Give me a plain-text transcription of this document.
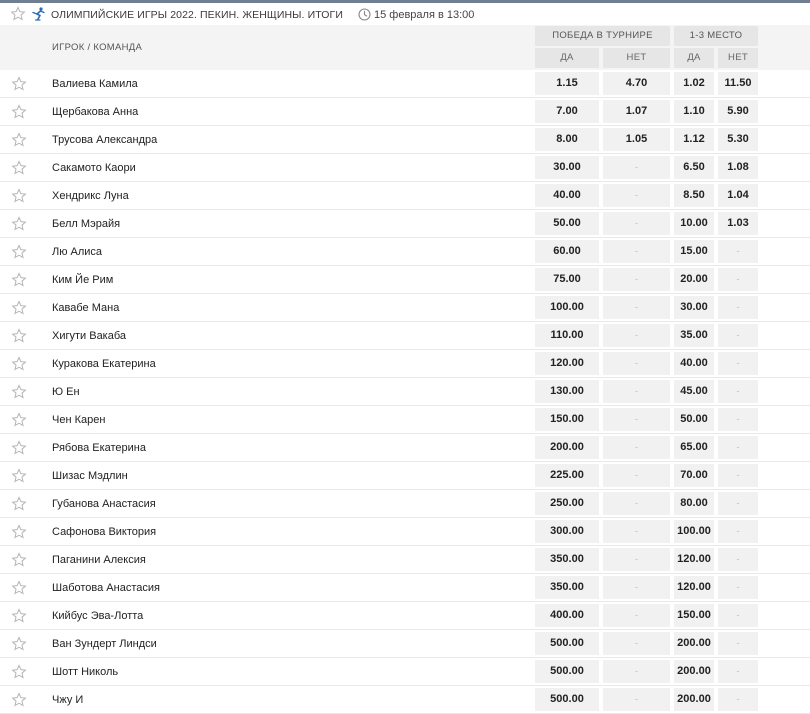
ОЛИМПИЙСКИЕ ИГРЫ 2022. ПЕКИН. ЖЕНЩИНЫ. ИТОГИ	15 февраля в 13:00
ИГРОК / КОМАНДА
ПОБЕДА В ТУРНИРЕ	1-3 МЕСТО
ДА	НЕТ	ДА	НЕТ
Валиева Камила	1.15	4.70	1.02	11.50
Щербакова Анна	7.00	1.07	1.10	5.90
Трусова Александра	8.00	1.05	1.12	5.30
Сакамото Каори	30.00	-	6.50	1.08
Хендрикс Луна	40.00	-	8.50	1.04
Белл Мэрайя	50.00	-	10.00	1.03
Лю Алиса	60.00	-	15.00	-
Ким Йе Рим	75.00	-	20.00	-
Кавабе Мана	100.00	-	30.00	-
Хигути Вакаба	110.00	-	35.00	-
Куракова Екатерина	120.00	-	40.00	-
Ю Ен	130.00	-	45.00	-
Чен Карен	150.00	-	50.00	-
Рябова Екатерина	200.00	-	65.00	-
Шизас Мэдлин	225.00	-	70.00	-
Губанова Анастасия	250.00	-	80.00	-
Сафонова Виктория	300.00	-	100.00	-
Паганини Алексия	350.00	-	120.00	-
Шаботова Анастасия	350.00	-	120.00	-
Кийбус Эва-Лотта	400.00	-	150.00	-
Ван Зундерт Линдси	500.00	-	200.00	-
Шотт Николь	500.00	-	200.00	-
Чжу И	500.00	-	200.00	-
